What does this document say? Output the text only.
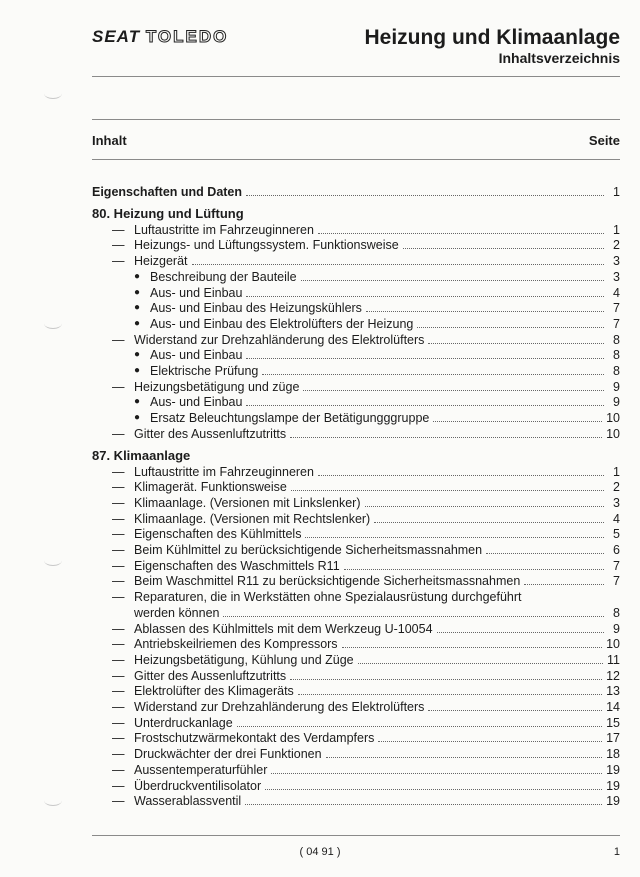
SEAT TOLEDO	Heizung und Klimaanlage
Inhaltsverzeichnis
Inhalt	Seite
Eigenschaften und Daten	1
80. Heizung und Lüftung
— Luftaustritte im Fahrzeuginneren	1
— Heizungs- und Lüftungssystem. Funktionsweise	2
— Heizgerät	3
● Beschreibung der Bauteile	3
● Aus- und Einbau	4
● Aus- und Einbau des Heizungskühlers	7
● Aus- und Einbau des Elektrolüfters der Heizung	7
— Widerstand zur Drehzahländerung des Elektrolüfters	8
● Aus- und Einbau	8
● Elektrische Prüfung	8
— Heizungsbetätigung und züge	9
● Aus- und Einbau	9
● Ersatz Beleuchtungslampe der Betätigungggruppe	10
— Gitter des Aussenluftzutritts	10
87. Klimaanlage
— Luftaustritte im Fahrzeuginneren	1
— Klimagerät. Funktionsweise	2
— Klimaanlage. (Versionen mit Linkslenker)	3
— Klimaanlage. (Versionen mit Rechtslenker)	4
— Eigenschaften des Kühlmittels	5
— Beim Kühlmittel zu berücksichtigende Sicherheitsmassnahmen	6
— Eigenschaften des Waschmittels R11	7
— Beim Waschmittel R11 zu berücksichtigende Sicherheitsmassnahmen	7
— Reparaturen, die in Werkstätten ohne Spezialausrüstung durchgeführt
werden können	8
— Ablassen des Kühlmittels mit dem Werkzeug U-10054	9
— Antriebskeilriemen des Kompressors	10
— Heizungsbetätigung, Kühlung und Züge	11
— Gitter des Aussenluftzutritts	12
— Elektrolüfter des Klimageräts	13
— Widerstand zur Drehzahländerung des Elektrolüfters	14
— Unterdruckanlage	15
— Frostschutzwärmekontakt des Verdampfers	17
— Druckwächter der drei Funktionen	18
— Aussentemperaturfühler	19
— Überdruckventilisolator	19
— Wasserablassventil	19
( 04 91 )	1
